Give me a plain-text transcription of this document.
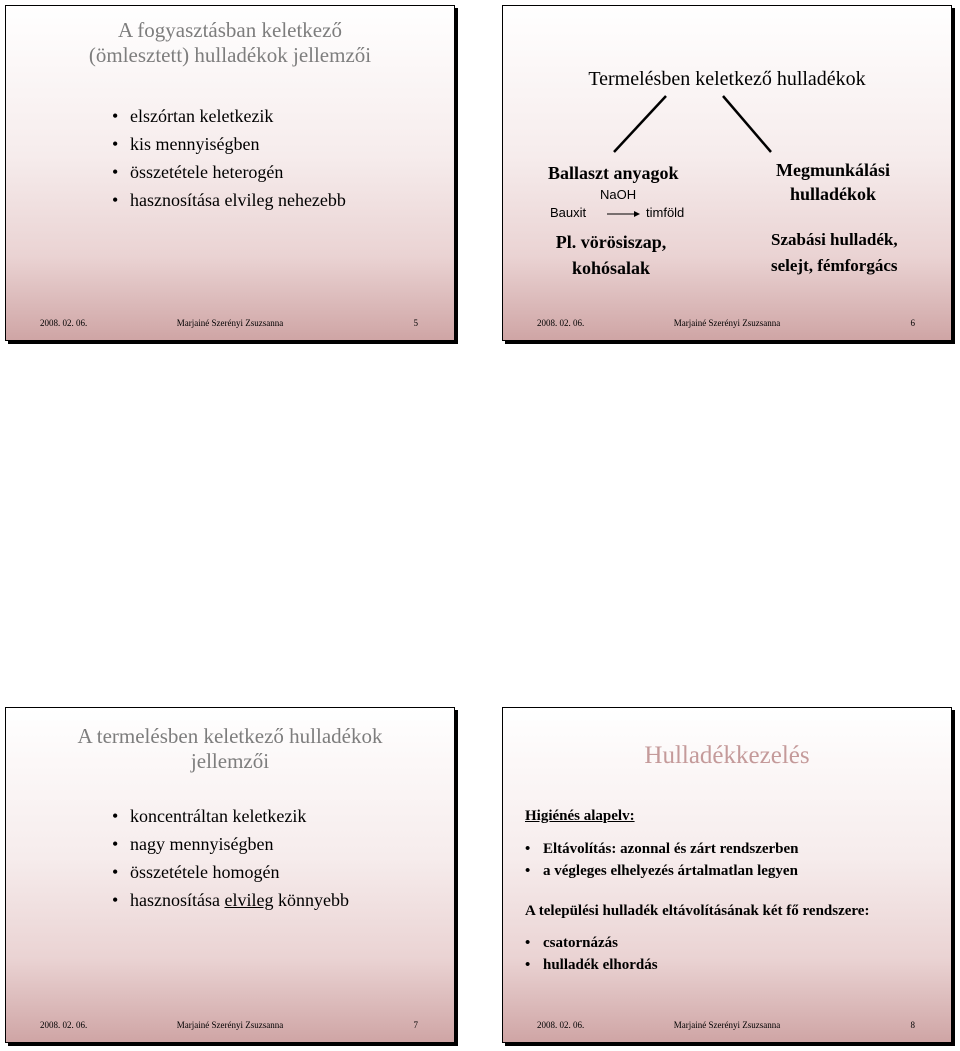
A fogyasztásban keletkező
(ömlesztett) hulladékok jellemzői
• elszórtan keletkezik
• kis mennyiségben
• összetétele heterogén
• hasznosítása elvileg nehezebb
2008. 02. 06.	Marjainé Szerényi Zsuzsanna	5
Termelésben keletkező hulladékok
Ballaszt anyagok
NaOH
Bauxit	timföld
Pl. vörösiszap,
kohósalak
Megmunkálási
hulladékok
Szabási hulladék,
selejt, fémforgács
2008. 02. 06.	Marjainé Szerényi Zsuzsanna	6
A termelésben keletkező hulladékok
jellemzői
• koncentráltan keletkezik
• nagy mennyiségben
• összetétele homogén
• hasznosítása elvileg könnyebb
2008. 02. 06.	Marjainé Szerényi Zsuzsanna	7
Hulladékkezelés
Higiénés alapelv:
• Eltávolítás: azonnal és zárt rendszerben
• a végleges elhelyezés ártalmatlan legyen
A települési hulladék eltávolításának két fő rendszere:
• csatornázás
• hulladék elhordás
2008. 02. 06.	Marjainé Szerényi Zsuzsanna	8
